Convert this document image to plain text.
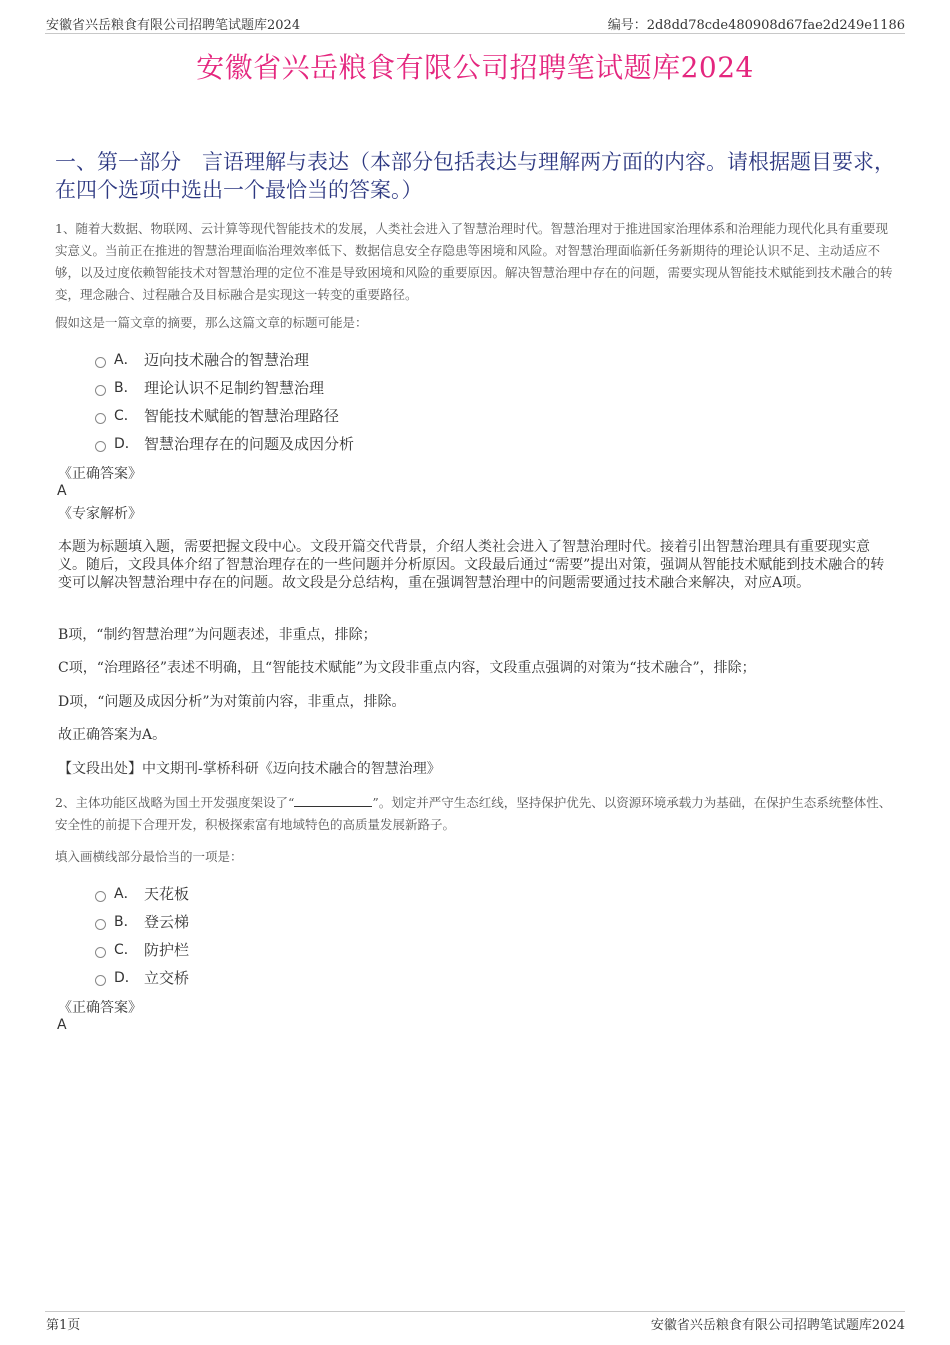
安徽省兴岳粮食有限公司招聘笔试题库2024	编号：2d8dd78cde480908d67fae2d249e1186
安徽省兴岳粮食有限公司招聘笔试题库2024
一、第一部分　言语理解与表达（本部分包括表达与理解两方面的内容。请根据题目要求，在四个选项中选出一个最恰当的答案。）
1、随着大数据、物联网、云计算等现代智能技术的发展，人类社会进入了智慧治理时代。智慧治理对于推进国家治理体系和治理能力现代化具有重要现实意义。当前正在推进的智慧治理面临治理效率低下、数据信息安全存隐患等困境和风险。对智慧治理面临新任务新期待的理论认识不足、主动适应不够，以及过度依赖智能技术对智慧治理的定位不准是导致困境和风险的重要原因。解决智慧治理中存在的问题，需要实现从智能技术赋能到技术融合的转变，理念融合、过程融合及目标融合是实现这一转变的重要路径。
假如这是一篇文章的摘要，那么这篇文章的标题可能是：
A． 迈向技术融合的智慧治理
B． 理论认识不足制约智慧治理
C． 智能技术赋能的智慧治理路径
D． 智慧治理存在的问题及成因分析
《正确答案》
A
《专家解析》
本题为标题填入题，需要把握文段中心。文段开篇交代背景，介绍人类社会进入了智慧治理时代。接着引出智慧治理具有重要现实意义。随后，文段具体介绍了智慧治理存在的一些问题并分析原因。文段最后通过“需要”提出对策，强调从智能技术赋能到技术融合的转变可以解决智慧治理中存在的问题。故文段是分总结构，重在强调智慧治理中的问题需要通过技术融合来解决，对应A项。
B项，“制约智慧治理”为问题表述，非重点，排除；
C项，“治理路径”表述不明确，且“智能技术赋能”为文段非重点内容，文段重点强调的对策为“技术融合”，排除；
D项，“问题及成因分析”为对策前内容，非重点，排除。
故正确答案为A。
【文段出处】中文期刊-掌桥科研《迈向技术融合的智慧治理》
2、主体功能区战略为国土开发强度架设了“	”。划定并严守生态红线，坚持保护优先、以资源环境承载力为基础，在保护生态系统整体性、安全性的前提下合理开发，积极探索富有地域特色的高质量发展新路子。
填入画横线部分最恰当的一项是：
A． 天花板
B． 登云梯
C． 防护栏
D． 立交桥
《正确答案》
A
第1页	安徽省兴岳粮食有限公司招聘笔试题库2024
